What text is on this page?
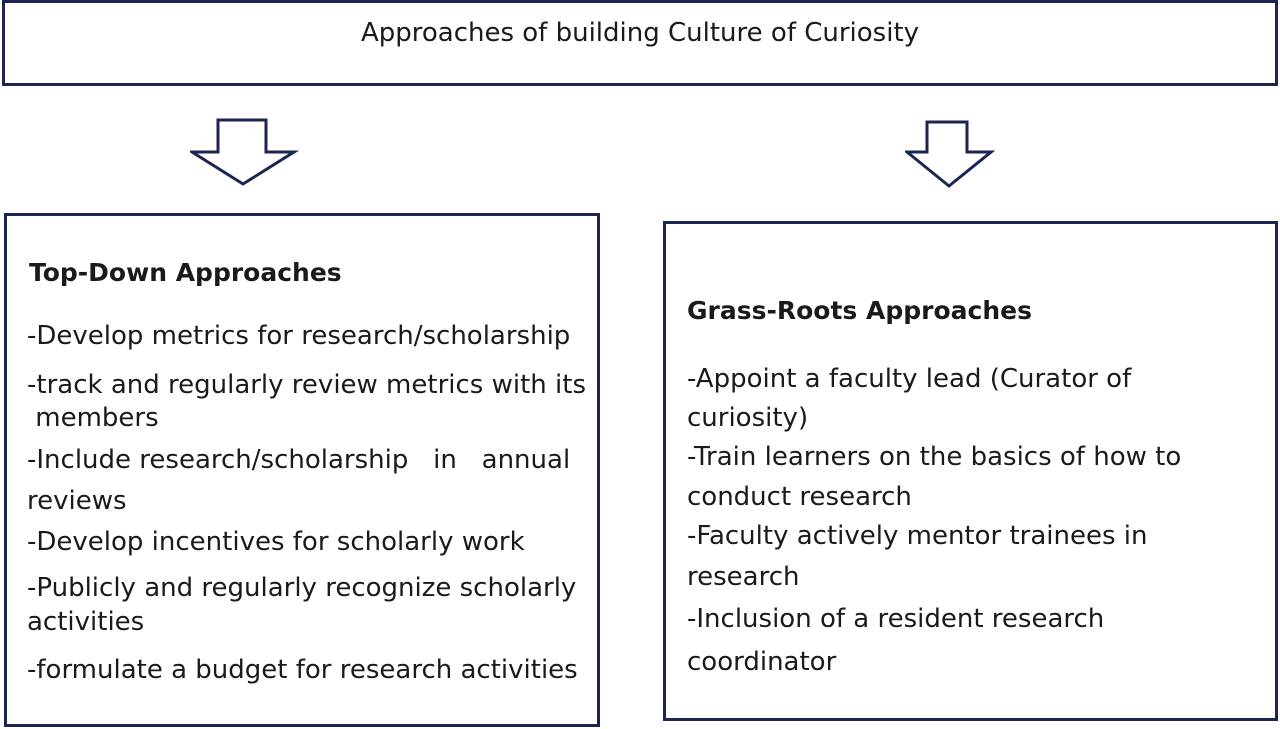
Approaches of building Culture of Curiosity
Top-Down Approaches
-Develop metrics for research/scholarship
-track and regularly review metrics with its
members
-Include research/scholarship   in   annual
reviews
-Develop incentives for scholarly work
-Publicly and regularly recognize scholarly
activities
-formulate a budget for research activities
Grass-Roots Approaches
-Appoint a faculty lead (Curator of
curiosity)
-Train learners on the basics of how to
conduct research
-Faculty actively mentor trainees in
research
-Inclusion of a resident research
coordinator
